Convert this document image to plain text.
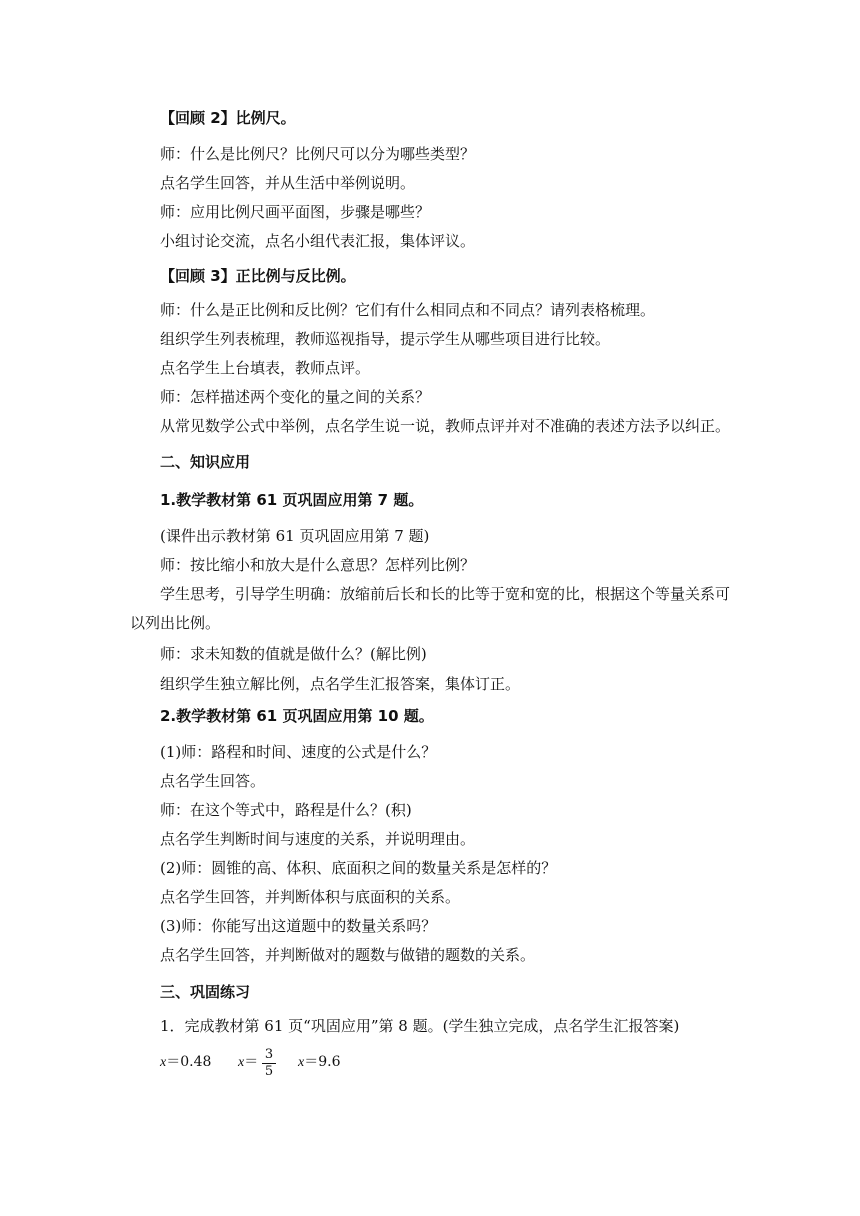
【回顾 2】比例尺。
师：什么是比例尺？比例尺可以分为哪些类型？
点名学生回答，并从生活中举例说明。
师：应用比例尺画平面图，步骤是哪些？
小组讨论交流，点名小组代表汇报，集体评议。
【回顾 3】正比例与反比例。
师：什么是正比例和反比例？它们有什么相同点和不同点？请列表格梳理。
组织学生列表梳理，教师巡视指导，提示学生从哪些项目进行比较。
点名学生上台填表，教师点评。
师：怎样描述两个变化的量之间的关系？
从常见数学公式中举例，点名学生说一说，教师点评并对不准确的表述方法予以纠正。
二、知识应用
1.教学教材第 61 页巩固应用第 7 题。
(课件出示教材第 61 页巩固应用第 7 题)
师：按比缩小和放大是什么意思？怎样列比例？
学生思考，引导学生明确：放缩前后长和长的比等于宽和宽的比，根据这个等量关系可
以列出比例。
师：求未知数的值就是做什么？(解比例)
组织学生独立解比例，点名学生汇报答案，集体订正。
2.教学教材第 61 页巩固应用第 10 题。
(1)师：路程和时间、速度的公式是什么？
点名学生回答。
师：在这个等式中，路程是什么？(积)
点名学生判断时间与速度的关系，并说明理由。
(2)师：圆锥的高、体积、底面积之间的数量关系是怎样的？
点名学生回答，并判断体积与底面积的关系。
(3)师：你能写出这道题中的数量关系吗？
点名学生回答，并判断做对的题数与做错的题数的关系。
三、巩固练习
1．完成教材第 61 页“巩固应用”第 8 题。(学生独立完成，点名学生汇报答案)
x＝0.48 x＝ 3
5
x＝9.6
